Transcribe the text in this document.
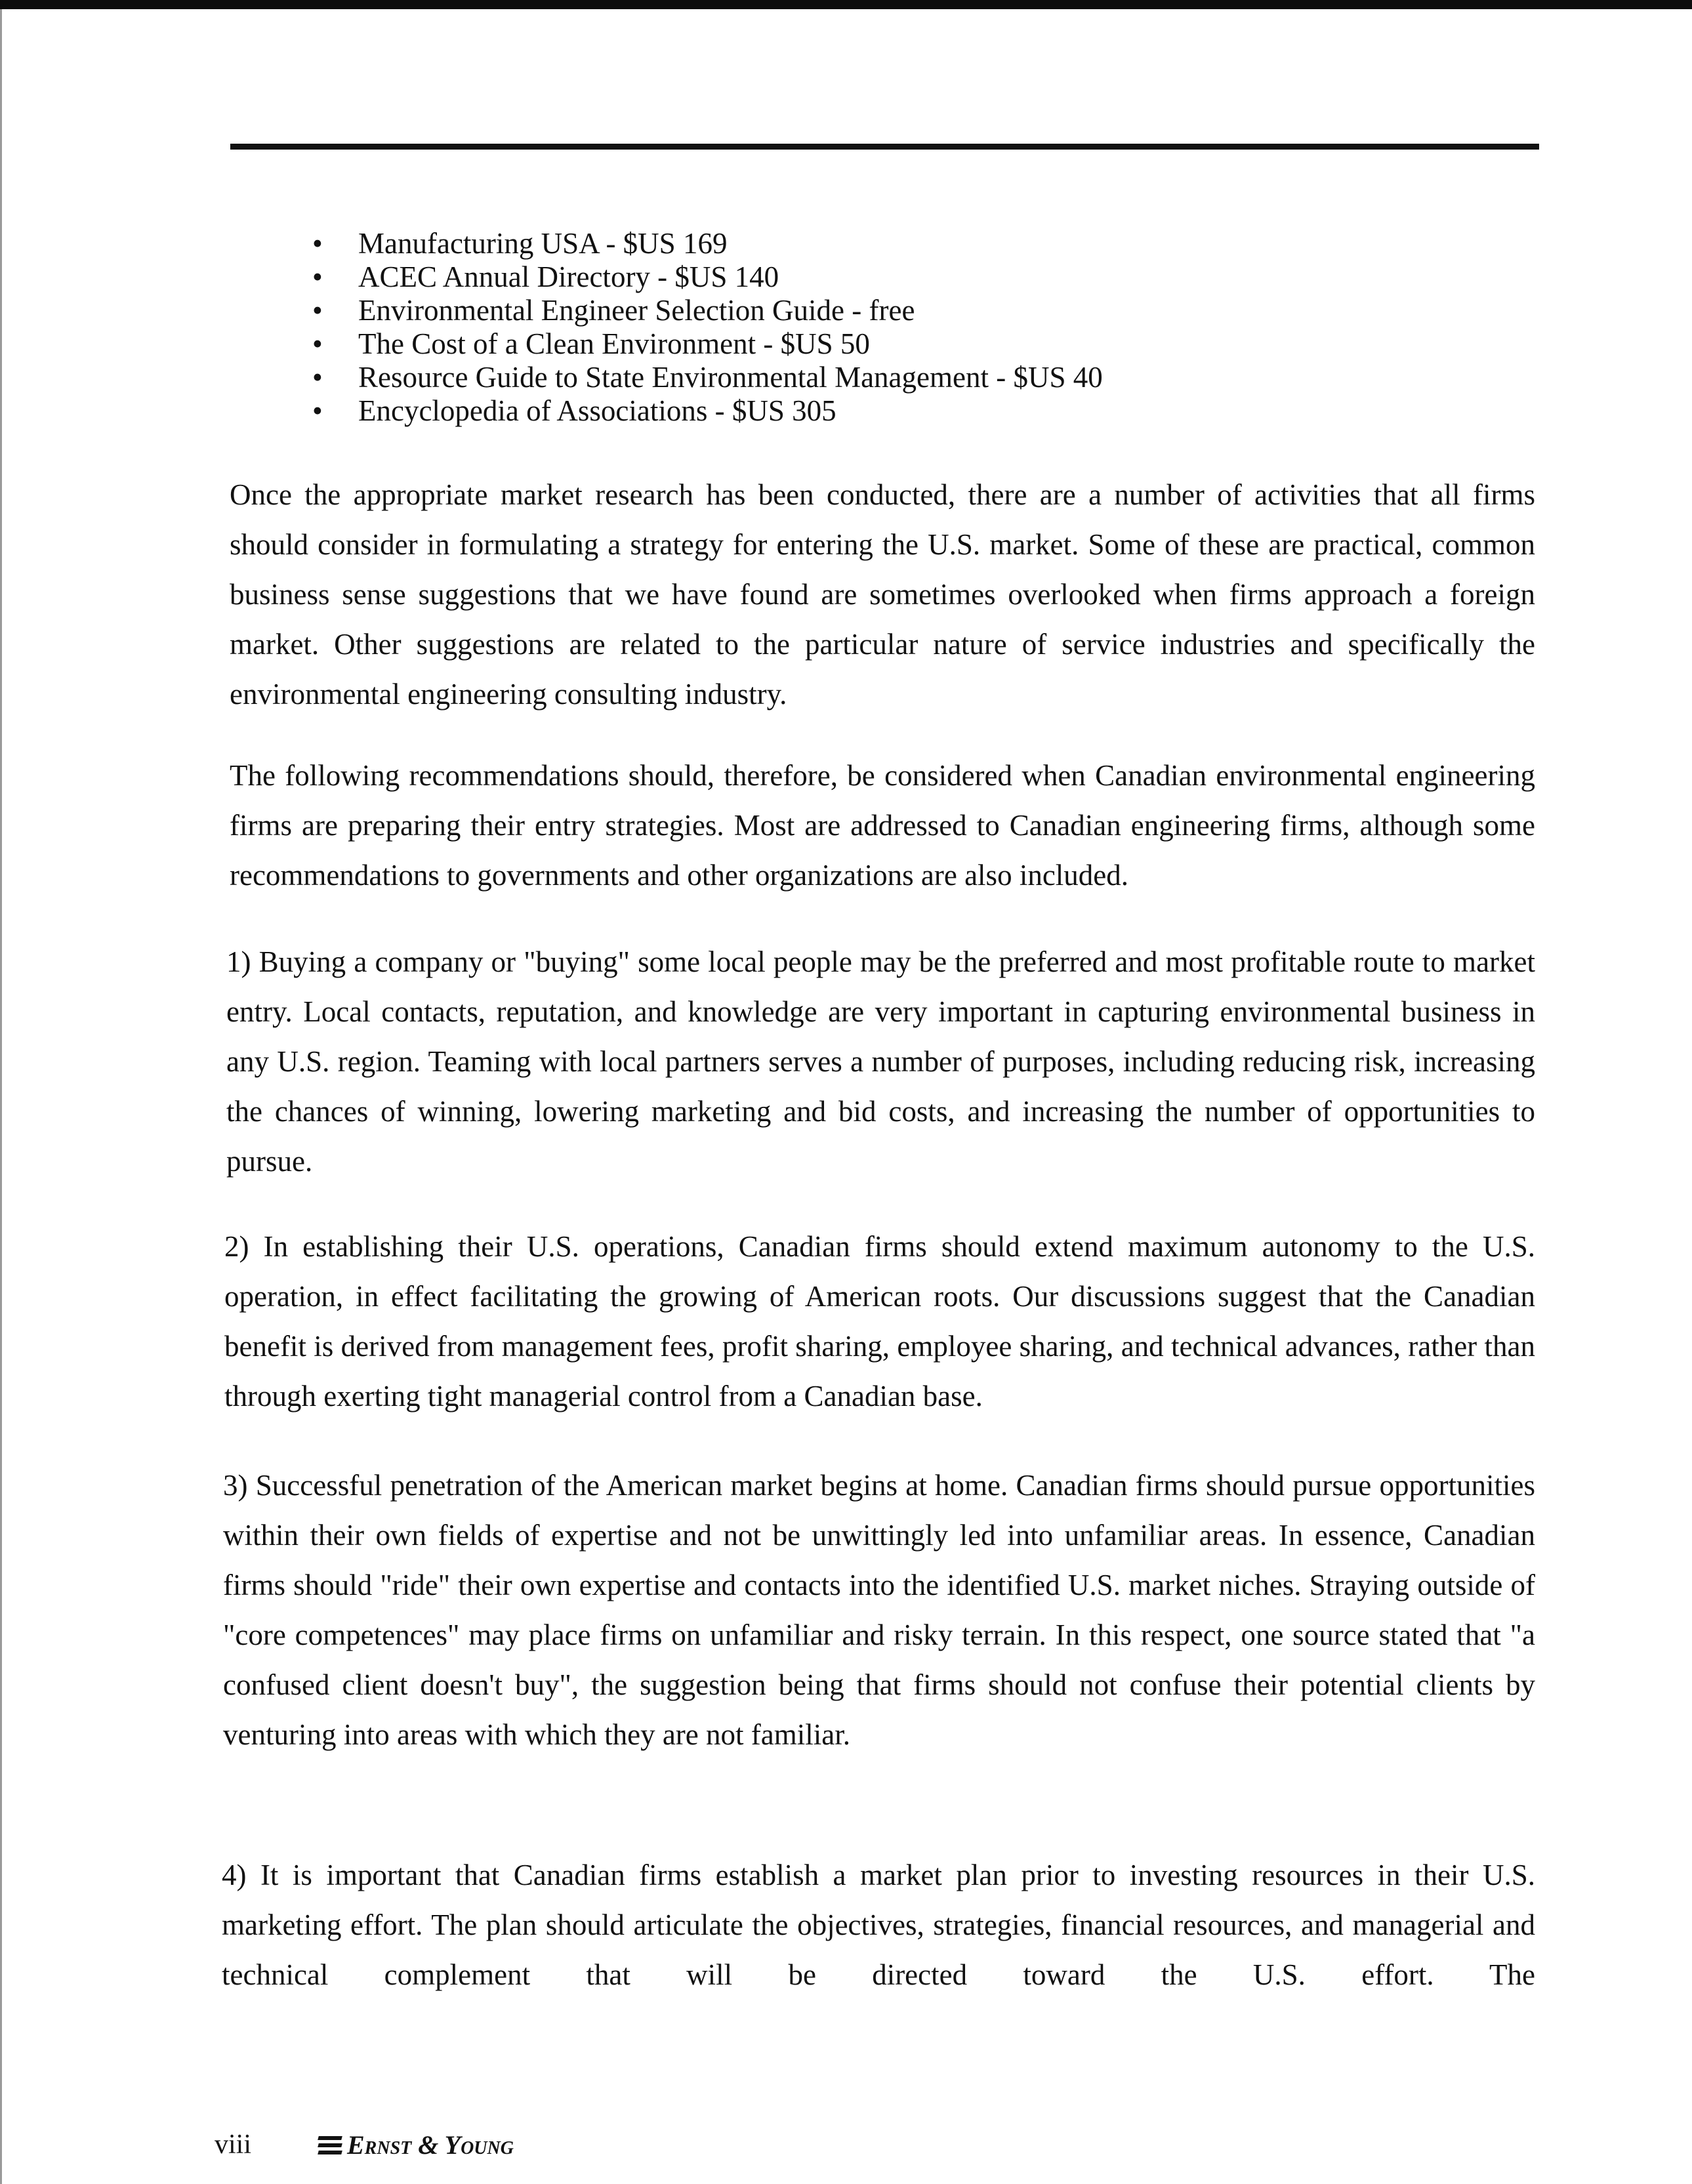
• Manufacturing USA - $US 169
• ACEC Annual Directory - $US 140
• Environmental Engineer Selection Guide - free
• The Cost of a Clean Environment - $US 50
• Resource Guide to State Environmental Management - $US 40
• Encyclopedia of Associations - $US 305

Once the appropriate market research has been conducted, there are a number of activities that all firms should consider in formulating a strategy for entering the U.S. market. Some of these are practical, common business sense suggestions that we have found are sometimes overlooked when firms approach a foreign market. Other suggestions are related to the particular nature of service industries and specifically the environmental engineering consulting industry.

The following recommendations should, therefore, be considered when Canadian environmental engineering firms are preparing their entry strategies. Most are addressed to Canadian engineering firms, although some recommendations to governments and other organizations are also included.

1) Buying a company or "buying" some local people may be the preferred and most profitable route to market entry. Local contacts, reputation, and knowledge are very important in capturing environmental business in any U.S. region. Teaming with local partners serves a number of purposes, including reducing risk, increasing the chances of winning, lowering marketing and bid costs, and increasing the number of opportunities to pursue.

2) In establishing their U.S. operations, Canadian firms should extend maximum autonomy to the U.S. operation, in effect facilitating the growing of American roots. Our discussions suggest that the Canadian benefit is derived from management fees, profit sharing, employee sharing, and technical advances, rather than through exerting tight managerial control from a Canadian base.

3) Successful penetration of the American market begins at home. Canadian firms should pursue opportunities within their own fields of expertise and not be unwittingly led into unfamiliar areas. In essence, Canadian firms should "ride" their own expertise and contacts into the identified U.S. market niches. Straying outside of "core competences" may place firms on unfamiliar and risky terrain. In this respect, one source stated that "a confused client doesn't buy", the suggestion being that firms should not confuse their potential clients by venturing into areas with which they are not familiar.

4) It is important that Canadian firms establish a market plan prior to investing resources in their U.S. marketing effort. The plan should articulate the objectives, strategies, financial resources, and managerial and technical complement that will be directed toward the U.S. effort. The

viii	Ernst & Young
